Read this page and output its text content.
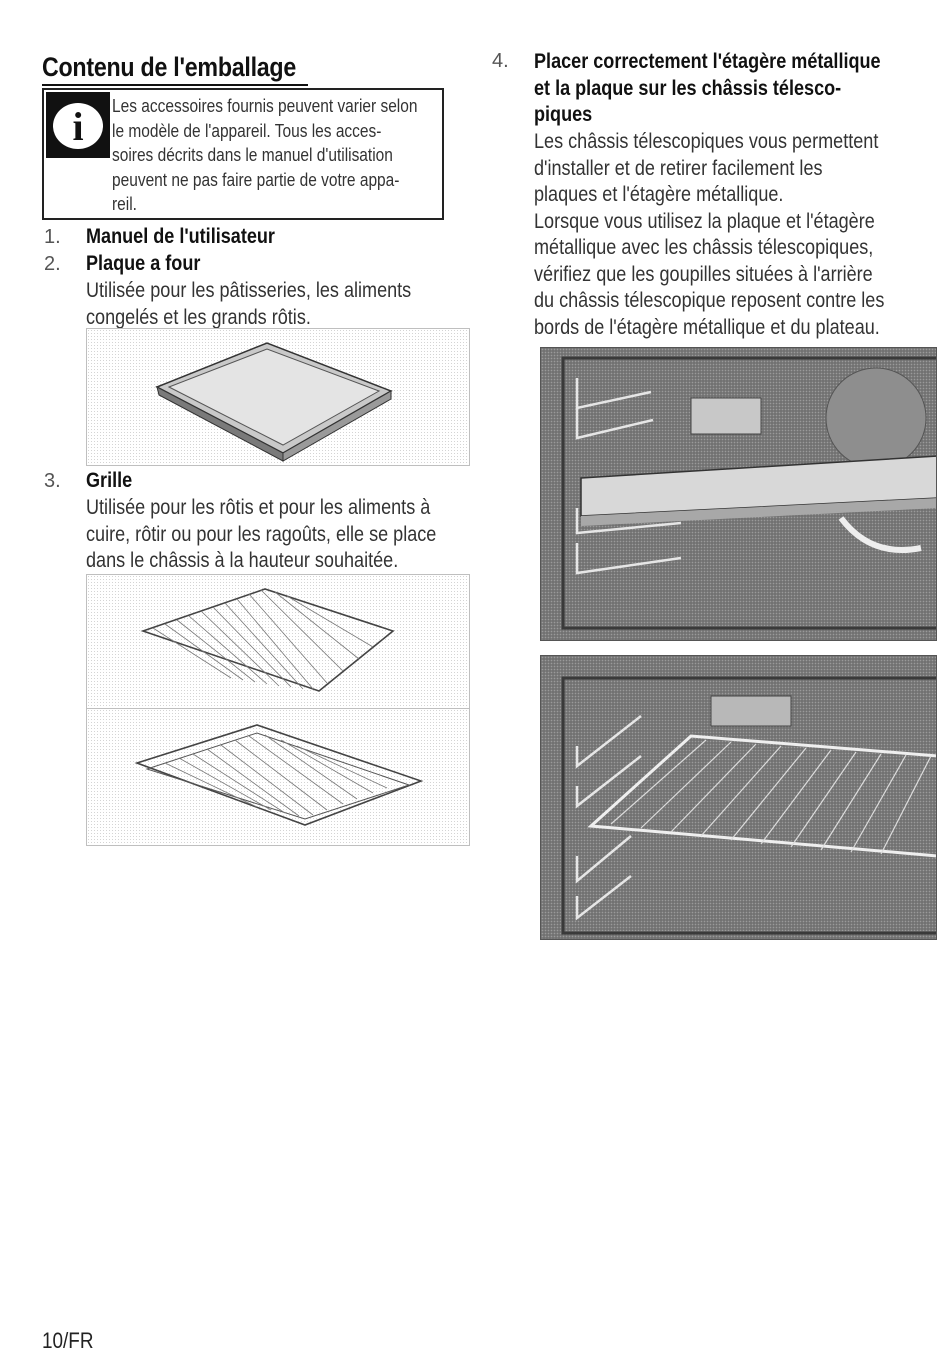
Contenu de l'emballage
i Les accessoires fournis peuvent varier selon
le modèle de l'appareil. Tous les acces-
soires décrits dans le manuel d'utilisation
peuvent ne pas faire partie de votre appa-
reil.
1. Manuel de l'utilisateur
2. Plaque a four
Utilisée pour les pâtisseries, les aliments
congelés et les grands rôtis.
3. Grille
Utilisée pour les rôtis et pour les aliments à
cuire, rôtir ou pour les ragoûts, elle se place
dans le châssis à la hauteur souhaitée.
4. Placer correctement l'étagère métallique
et la plaque sur les châssis télesco-
piques
Les châssis télescopiques vous permettent
d'installer et de retirer facilement les
plaques et l'étagère métallique.
Lorsque vous utilisez la plaque et l'étagère
métallique avec les châssis télescopiques,
vérifiez que les goupilles situées à l'arrière
du châssis télescopique reposent contre les
bords de l'étagère métallique et du plateau.
10/FR
